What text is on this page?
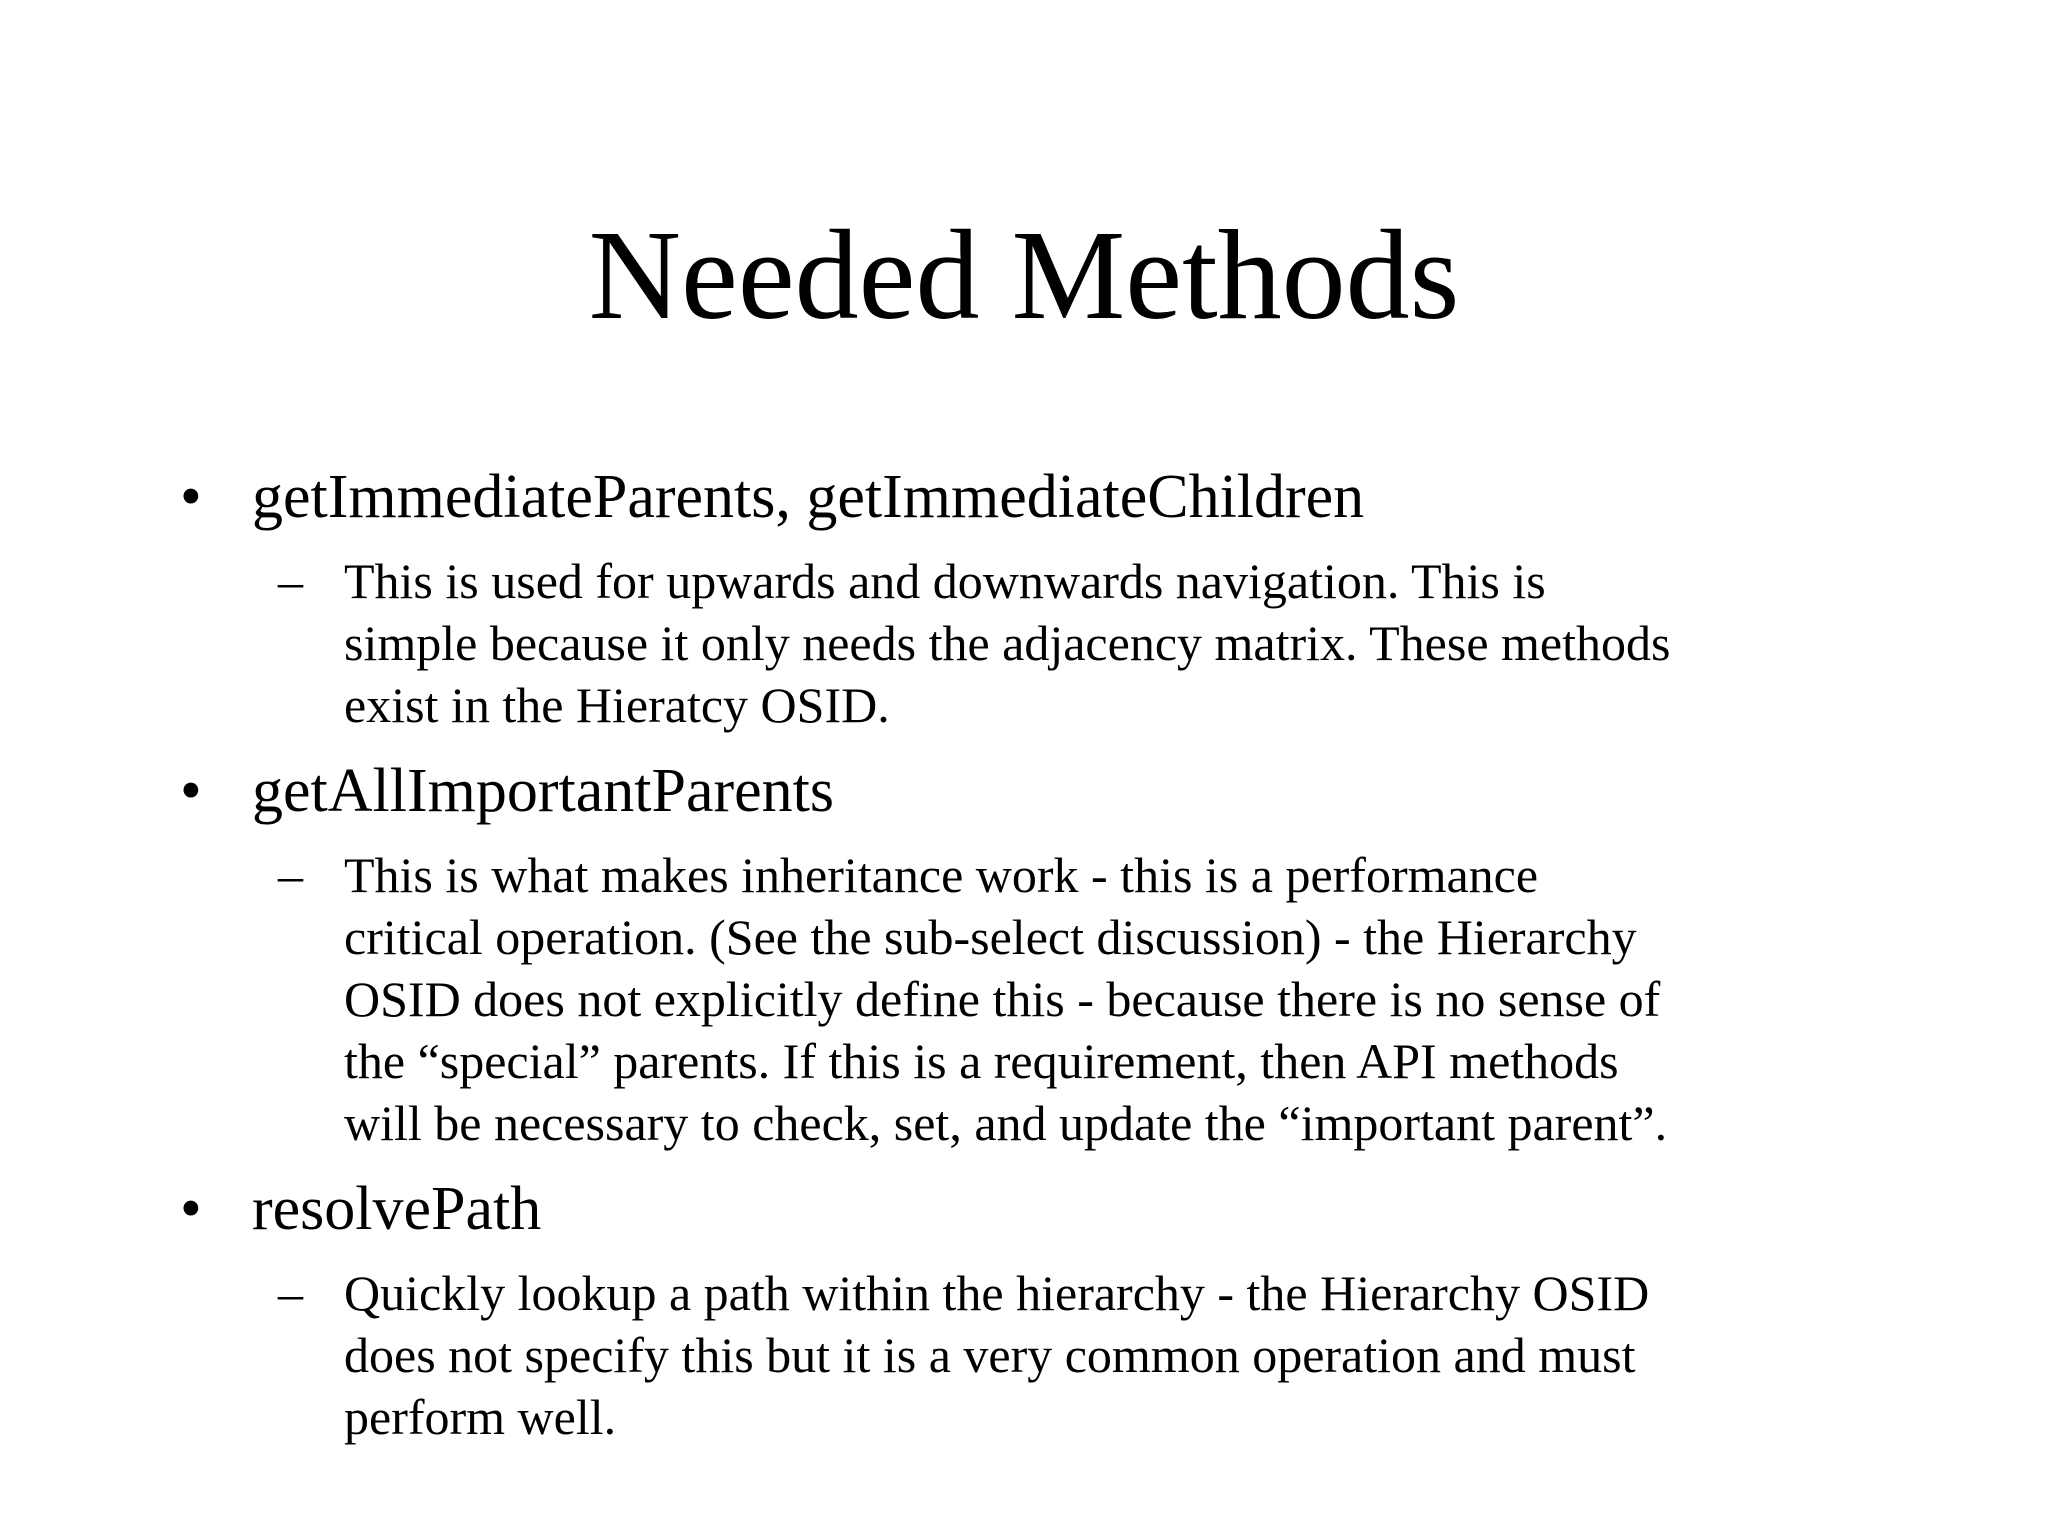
Needed Methods
• getImmediateParents, getImmediateChildren
– This is used for upwards and downwards navigation. This is
simple because it only needs the adjacency matrix. These methods
exist in the Hieratcy OSID.
• getAllImportantParents
– This is what makes inheritance work - this is a performance
critical operation. (See the sub-select discussion) - the Hierarchy
OSID does not explicitly define this - because there is no sense of
the “special” parents. If this is a requirement, then API methods
will be necessary to check, set, and update the “important parent”.
• resolvePath
– Quickly lookup a path within the hierarchy - the Hierarchy OSID
does not specify this but it is a very common operation and must
perform well.
